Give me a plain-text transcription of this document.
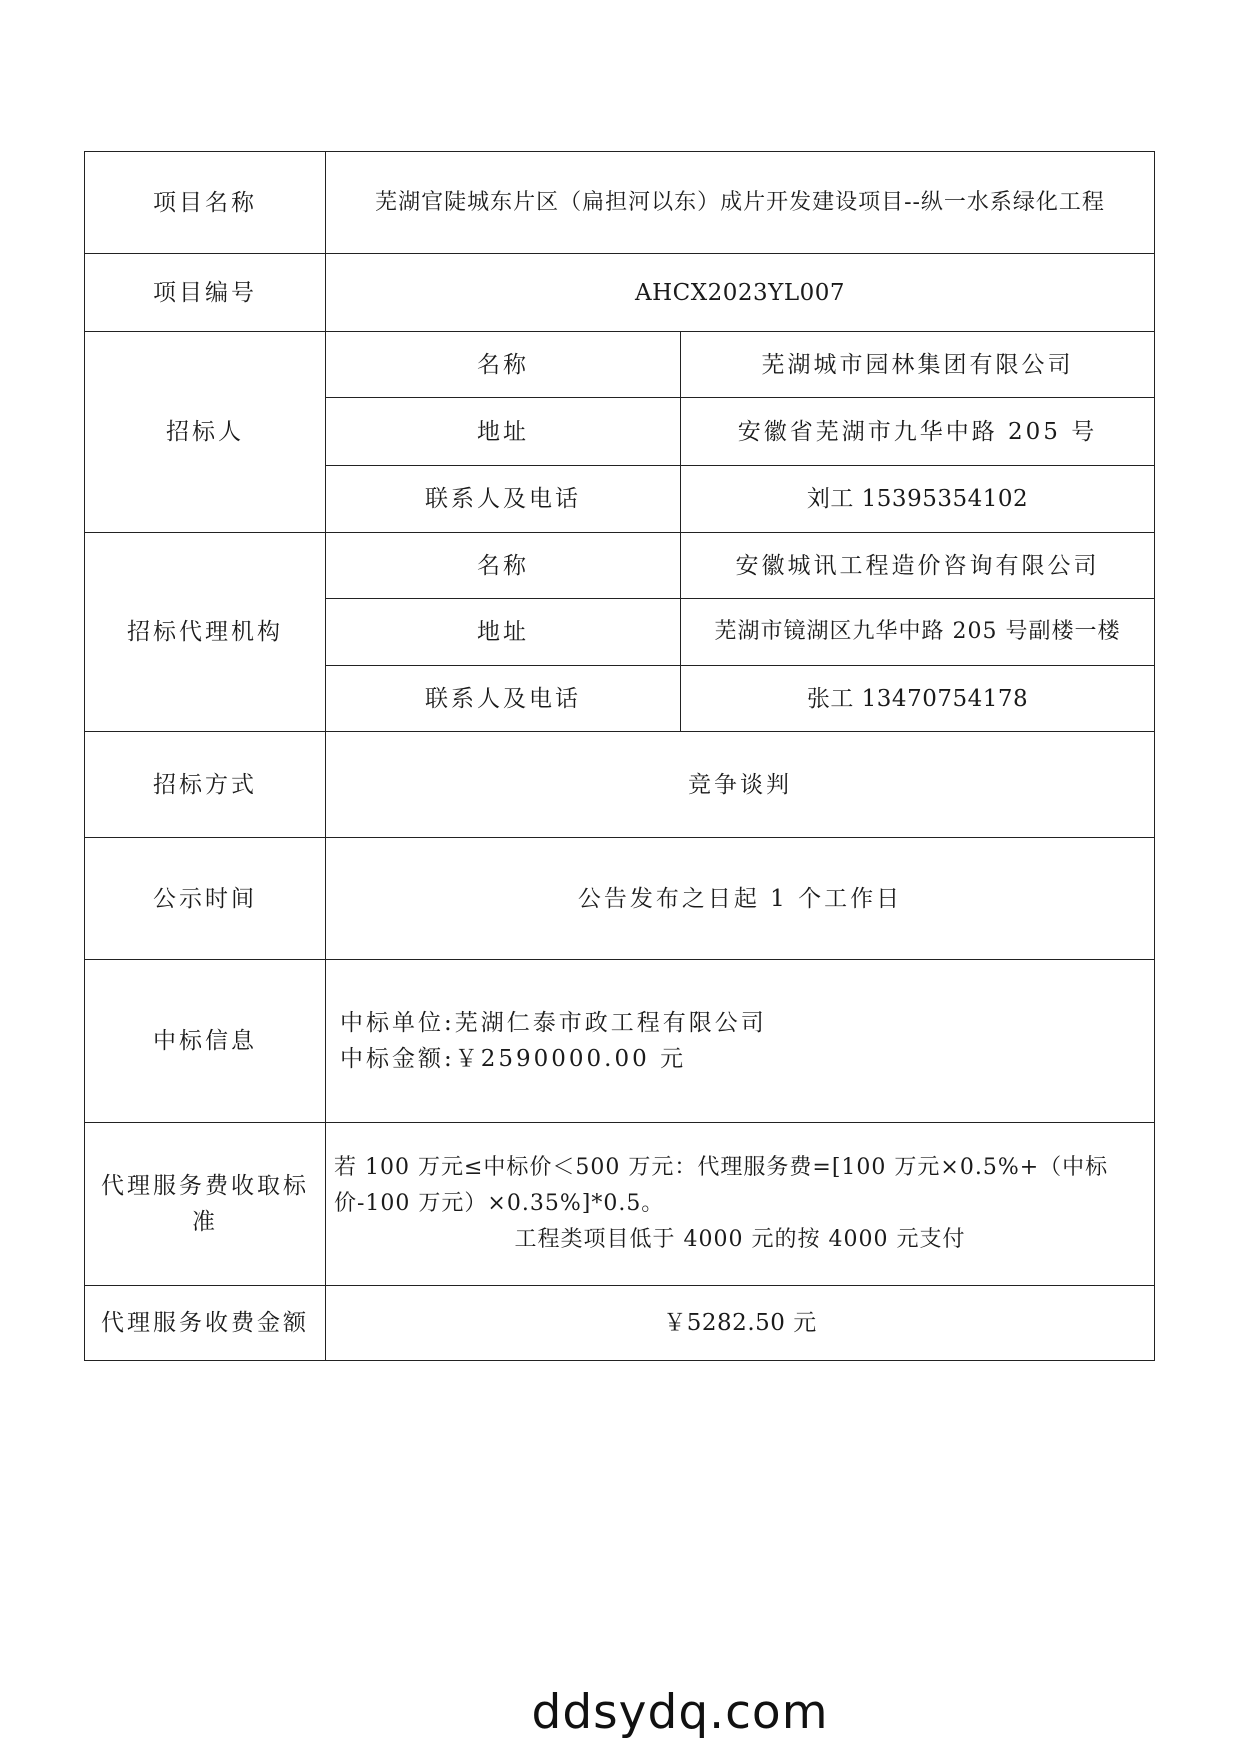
项目名称	芜湖官陡城东片区（扁担河以东）成片开发建设项目--纵一水系绿化工程	
项目编号	AHCX2023YL007	
招标人	名称	芜湖城市园林集团有限公司
	地址	安徽省芜湖市九华中路 205 号
	联系人及电话	刘工 15395354102
招标代理机构	名称	安徽城讯工程造价咨询有限公司
	地址	芜湖市镜湖区九华中路 205 号副楼一楼
	联系人及电话	张工 13470754178
招标方式	竞争谈判	
公示时间	公告发布之日起 1 个工作日	
中标信息	中标单位:芜湖仁泰市政工程有限公司
中标金额:￥2590000.00 元	

代理服务费收取标准	若 100 万元≤中标价＜500 万元：代理服务费=[100 万元×0.5%+（中标价-100 万元）×0.35%]*0.5。
工程类项目低于 4000 元的按 4000 元支付	

代理服务收费金额	￥5282.50 元	
ddsydq.com
